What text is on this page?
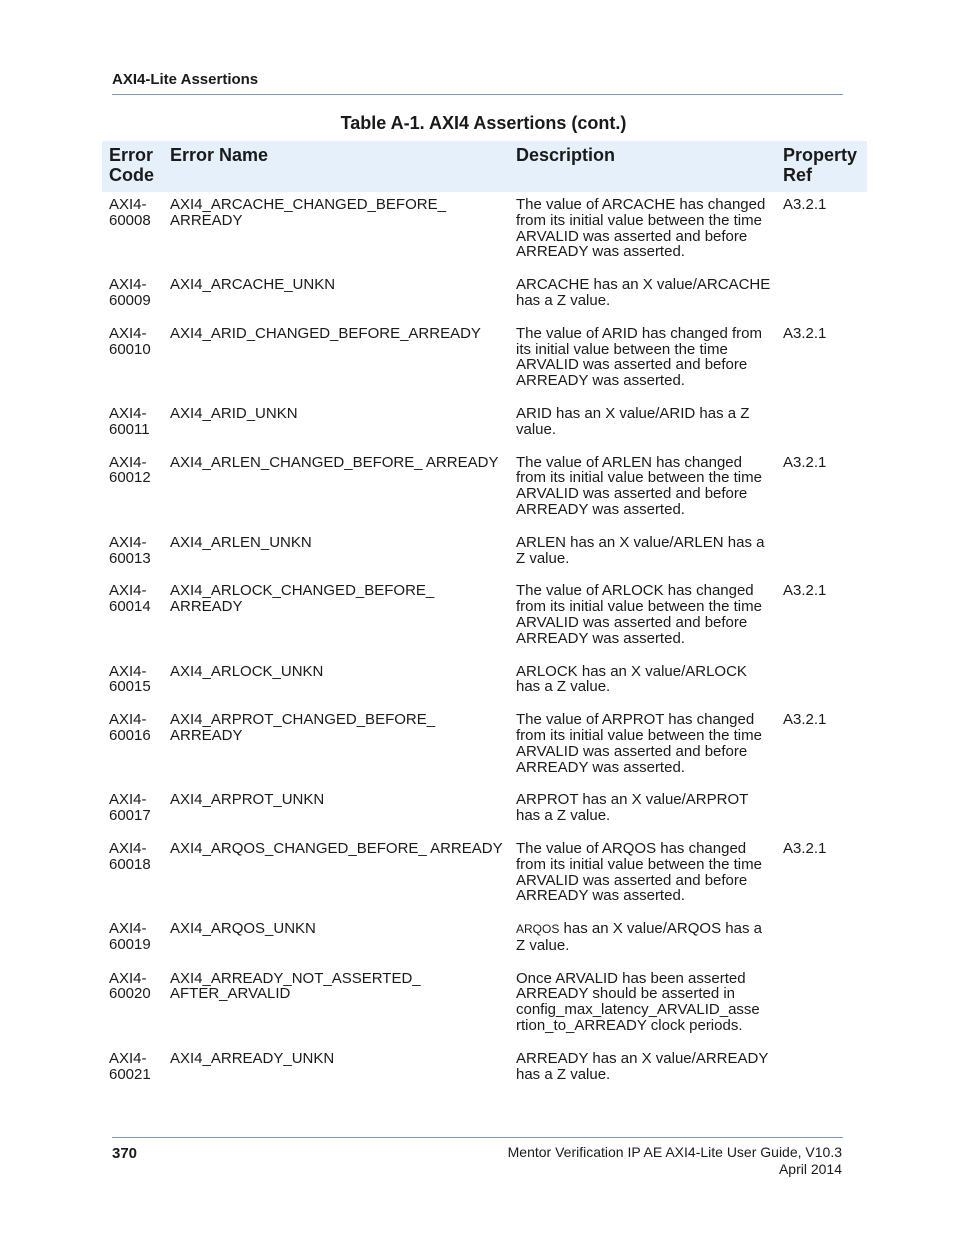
AXI4-Lite Assertions
Table A-1. AXI4 Assertions (cont.)
Error Code	Error Name	Description	Property Ref
AXI4-60008	AXI4_ARCACHE_CHANGED_BEFORE_ ARREADY	The value of ARCACHE has changed from its initial value between the time ARVALID was asserted and before ARREADY was asserted.	A3.2.1
AXI4-60009	AXI4_ARCACHE_UNKN	ARCACHE has an X value/ARCACHE has a Z value.	
AXI4-60010	AXI4_ARID_CHANGED_BEFORE_ARREADY	The value of ARID has changed from its initial value between the time ARVALID was asserted and before ARREADY was asserted.	A3.2.1
AXI4-60011	AXI4_ARID_UNKN	ARID has an X value/ARID has a Z value.	
AXI4-60012	AXI4_ARLEN_CHANGED_BEFORE_ ARREADY	The value of ARLEN has changed from its initial value between the time ARVALID was asserted and before ARREADY was asserted.	A3.2.1
AXI4-60013	AXI4_ARLEN_UNKN	ARLEN has an X value/ARLEN has a Z value.	
AXI4-60014	AXI4_ARLOCK_CHANGED_BEFORE_ ARREADY	The value of ARLOCK has changed from its initial value between the time ARVALID was asserted and before ARREADY was asserted.	A3.2.1
AXI4-60015	AXI4_ARLOCK_UNKN	ARLOCK has an X value/ARLOCK has a Z value.	
AXI4-60016	AXI4_ARPROT_CHANGED_BEFORE_ ARREADY	The value of ARPROT has changed from its initial value between the time ARVALID was asserted and before ARREADY was asserted.	A3.2.1
AXI4-60017	AXI4_ARPROT_UNKN	ARPROT has an X value/ARPROT has a Z value.	
AXI4-60018	AXI4_ARQOS_CHANGED_BEFORE_ ARREADY	The value of ARQOS has changed from its initial value between the time ARVALID was asserted and before ARREADY was asserted.	A3.2.1
AXI4-60019	AXI4_ARQOS_UNKN	ARQOS has an X value/ARQOS has a Z value.	
AXI4-60020	AXI4_ARREADY_NOT_ASSERTED_ AFTER_ARVALID	Once ARVALID has been asserted ARREADY should be asserted in config_max_latency_ARVALID_asse rtion_to_ARREADY clock periods.	
AXI4-60021	AXI4_ARREADY_UNKN	ARREADY has an X value/ARREADY has a Z value.	
370	Mentor Verification IP AE AXI4-Lite User Guide, V10.3
April 2014
